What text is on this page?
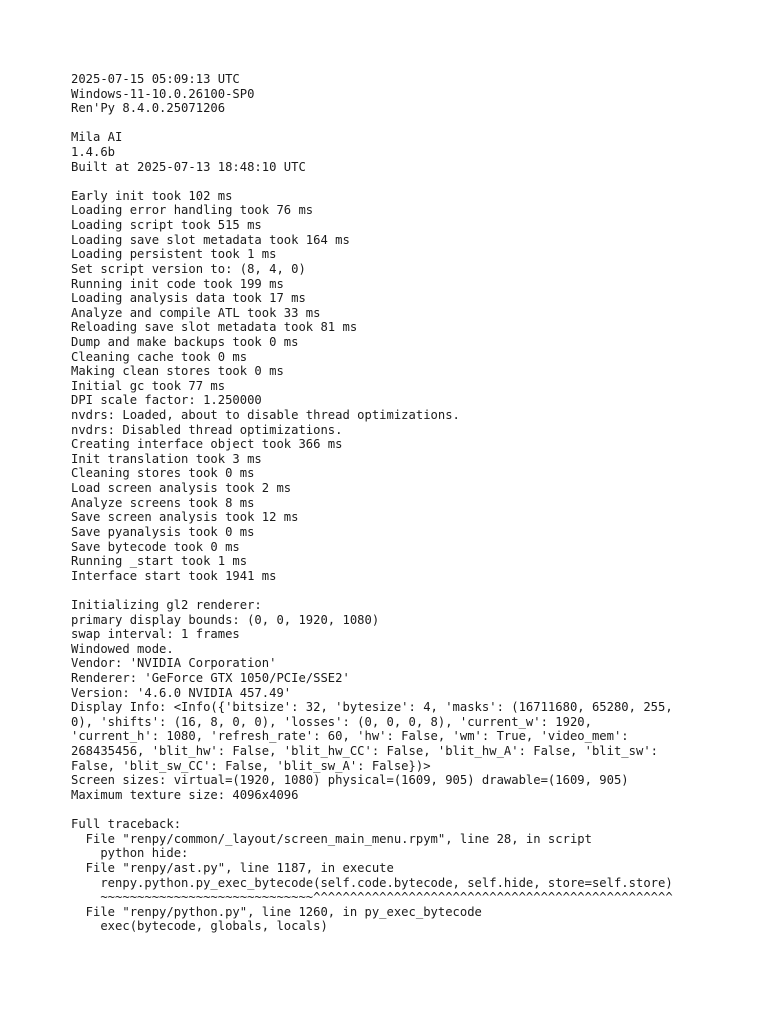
2025-07-15 05:09:13 UTC
Windows-11-10.0.26100-SP0
Ren'Py 8.4.0.25071206
Mila AI
1.4.6b
Built at 2025-07-13 18:48:10 UTC
Early init took 102 ms
Loading error handling took 76 ms
Loading script took 515 ms
Loading save slot metadata took 164 ms
Loading persistent took 1 ms
Set script version to: (8, 4, 0)
Running init code took 199 ms
Loading analysis data took 17 ms
Analyze and compile ATL took 33 ms
Reloading save slot metadata took 81 ms
Dump and make backups took 0 ms
Cleaning cache took 0 ms
Making clean stores took 0 ms
Initial gc took 77 ms
DPI scale factor: 1.250000
nvdrs: Loaded, about to disable thread optimizations.
nvdrs: Disabled thread optimizations.
Creating interface object took 366 ms
Init translation took 3 ms
Cleaning stores took 0 ms
Load screen analysis took 2 ms
Analyze screens took 8 ms
Save screen analysis took 12 ms
Save pyanalysis took 0 ms
Save bytecode took 0 ms
Running _start took 1 ms
Interface start took 1941 ms
Initializing gl2 renderer:
primary display bounds: (0, 0, 1920, 1080)
swap interval: 1 frames
Windowed mode.
Vendor: 'NVIDIA Corporation'
Renderer: 'GeForce GTX 1050/PCIe/SSE2'
Version: '4.6.0 NVIDIA 457.49'
Display Info: <Info({'bitsize': 32, 'bytesize': 4, 'masks': (16711680, 65280, 255,
0), 'shifts': (16, 8, 0, 0), 'losses': (0, 0, 0, 8), 'current_w': 1920,
'current_h': 1080, 'refresh_rate': 60, 'hw': False, 'wm': True, 'video_mem':
268435456, 'blit_hw': False, 'blit_hw_CC': False, 'blit_hw_A': False, 'blit_sw':
False, 'blit_sw_CC': False, 'blit_sw_A': False})>
Screen sizes: virtual=(1920, 1080) physical=(1609, 905) drawable=(1609, 905)
Maximum texture size: 4096x4096
Full traceback:
File "renpy/common/_layout/screen_main_menu.rpym", line 28, in script
python hide:
File "renpy/ast.py", line 1187, in execute
renpy.python.py_exec_bytecode(self.code.bytecode, self.hide, store=self.store)
~~~~~~~~~~~~~~~~~~~~~~~~~~~~~^^^^^^^^^^^^^^^^^^^^^^^^^^^^^^^^^^^^^^^^^^^^^^^^^
File "renpy/python.py", line 1260, in py_exec_bytecode
exec(bytecode, globals, locals)
